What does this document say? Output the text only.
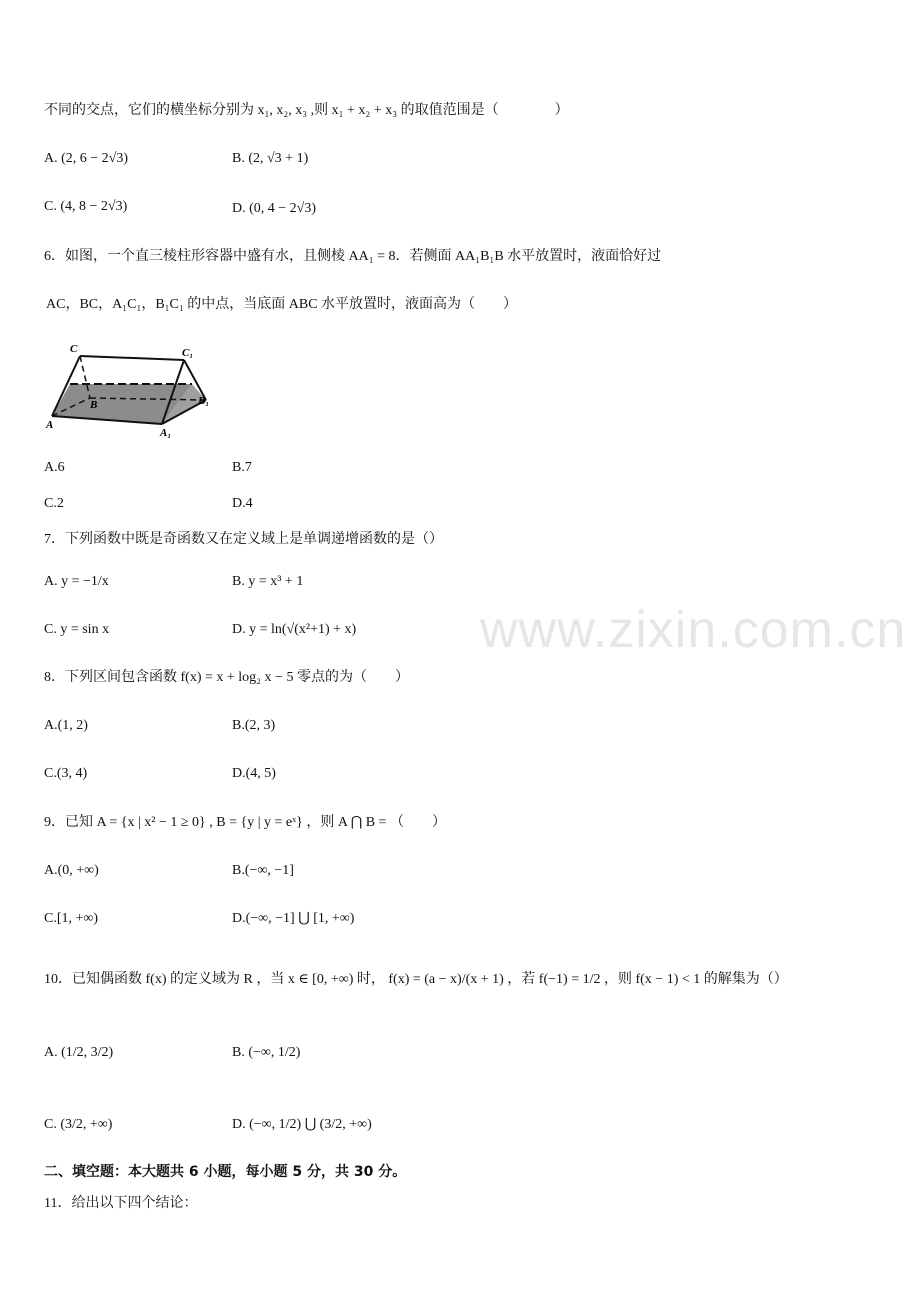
www.zixin.com.cn
不同的交点，它们的横坐标分别为 x₁, x₂, x₃ ,则 x₁ + x₂ + x₃ 的取值范围是（　　　　）
A. (2, 6 − 2√3)	B. (2, √3 + 1)
C. (4, 8 − 2√3)	D. (0, 4 − 2√3)
6．如图，一个直三棱柱形容器中盛有水，且侧棱 AA₁ = 8．若侧面 AA₁B₁B 水平放置时，液面恰好过
AC，BC，A₁C₁，B₁C₁ 的中点，当底面 ABC 水平放置时，液面高为（　　）
C	C₁
B	B₁
A
A₁
A.6	B.7
C.2	D.4
7．下列函数中既是奇函数又在定义域上是单调递增函数的是（）
A. y = −1/x	B. y = x³ + 1
C. y = sin x	D. y = ln(√(x²+1) + x)
8．下列区间包含函数 f(x) = x + log₂ x − 5 零点的为（　　）
A.(1, 2)	B.(2, 3)
C.(3, 4)	D.(4, 5)
9．已知 A = {x | x² − 1 ≥ 0} , B = {y | y = eˣ} ，则 A ⋂ B = （　　）
A.(0, +∞)	B.(−∞, −1]
C.[1, +∞)	D.(−∞, −1] ⋃ [1, +∞)
10．已知偶函数 f(x) 的定义域为 R ，当 x ∈ [0, +∞) 时， f(x) = (a − x)/(x + 1) ，若 f(−1) = 1/2 ，则 f(x − 1) < 1 的解集为（）
A. (1/2, 3/2)	B. (−∞, 1/2)
C. (3/2, +∞)	D. (−∞, 1/2) ⋃ (3/2, +∞)
二、填空题：本大题共 6 小题，每小题 5 分，共 30 分。
11．给出以下四个结论：
